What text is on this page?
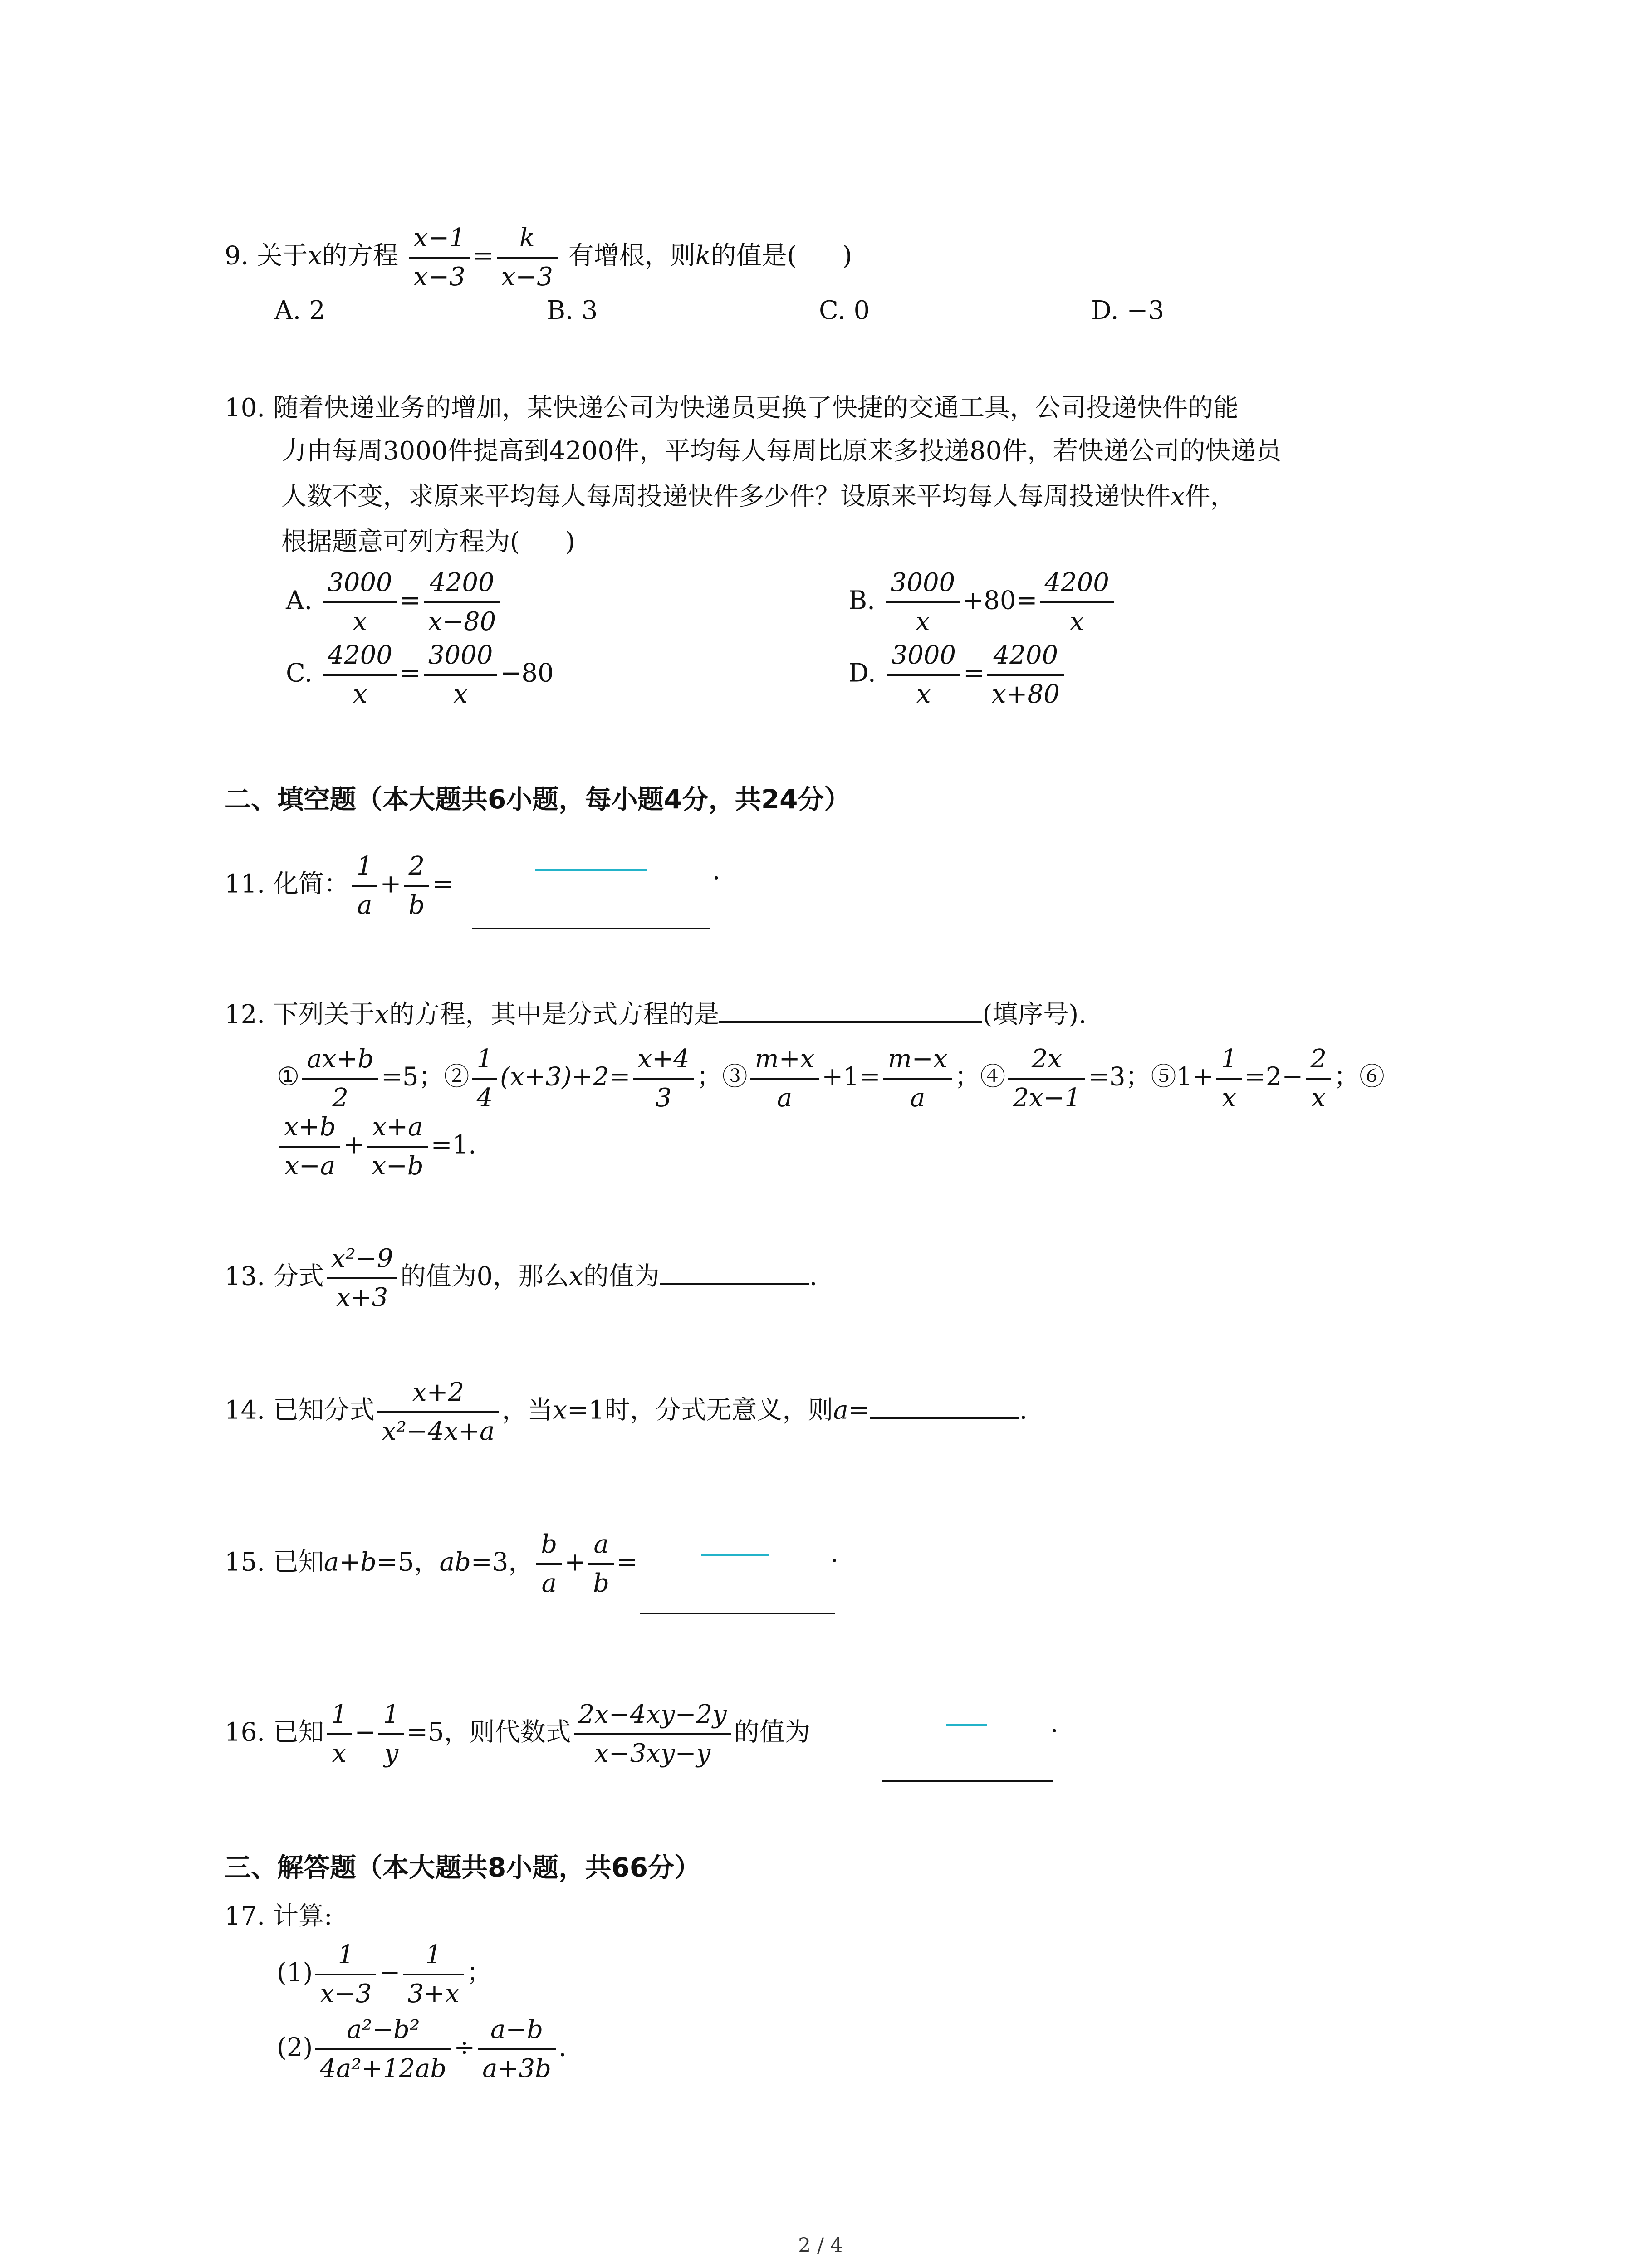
9. 关于x的方程 $\frac{x-1}{x-3} = \frac{k}{x-3}$ 有增根，则k的值是( )
A. 2	B. 3	C. 0	D. −3
10. 随着快递业务的增加，某快递公司为快递员更换了快捷的交通工具，公司投递快件的能
力由每周3000件提高到4200件，平均每人每周比原来多投递80件，若快递公司的快递员
人数不变，求原来平均每人每周投递快件多少件？设原来平均每人每周投递快件x件，
根据题意可列方程为( )
A. $\frac{3000}{x} = \frac{4200}{x-80}$	B. $\frac{3000}{x} +80= \frac{4200}{x}$
C. $\frac{4200}{x} = \frac{3000}{x} -80$	D. $\frac{3000}{x} = \frac{4200}{x+80}$
二、填空题（本大题共6小题，每小题4分，共24分）
11. 化简： $\frac{1}{a} + \frac{2}{b}$ =	.
12. 下列关于x的方程，其中是分式方程的是	(填序号).
① $\frac{ax+b}{2} =5$；② $\frac{1}{4} (x+3)+2= \frac{x+4}{3}$ ；③ $\frac{m+x}{a} +1= \frac{m-x}{a}$ ；④ $\frac{2x}{2x-1} =3$；⑤1+ $\frac{1}{x} =2- \frac{2}{x}$ ；⑥
$\frac{x+b}{x-a} + \frac{x+a}{x-b} =1$.
13. 分式 $\frac{\text{x²−9}}{x+3}$ 的值为0，那么x的值为	.
14. 已知分式 $\frac{x+2}{\text{x²−4x+a}}$ ，当x=1时，分式无意义，则a=	.
15. 已知a+b=5，ab=3， $\frac{b}{a} + \frac{a}{b}$ =	.
16. 已知 $\frac{1}{x} - \frac{1}{y} =5$，则代数式 $\frac{2x-4xy-2y}{x-3xy-y}$ 的值为	.
三、解答题（本大题共8小题，共66分）
17. 计算:
$(1) \frac{1}{x-3} - \frac{1}{3+x}$ ；
$(2) \frac{\text{a²−b²}}{\text{4a²+12ab}} \div \frac{a-b}{a+3b}$ .
2 / 4
